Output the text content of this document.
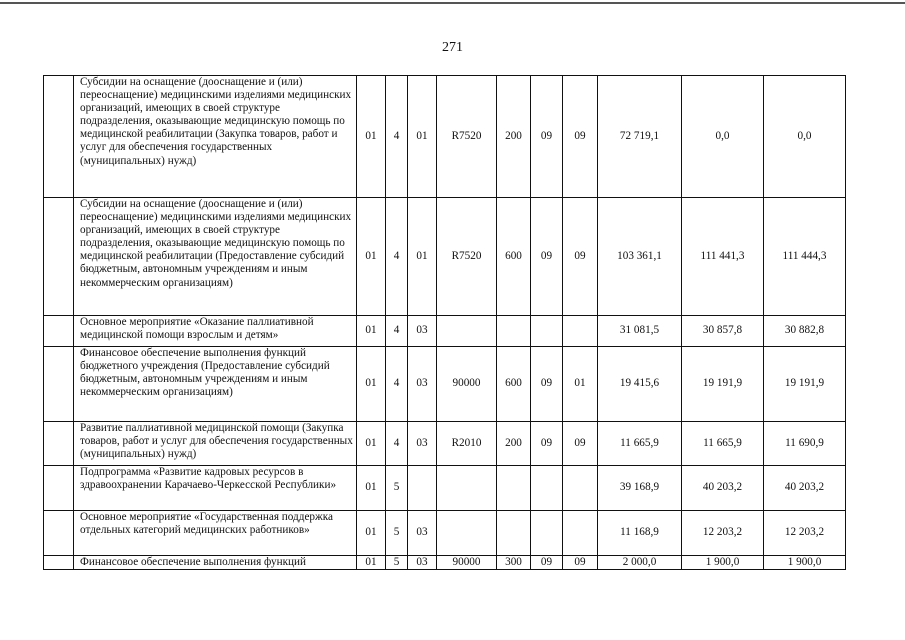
271
	Субсидии на оснащение (дооснащение и (или) переоснащение) медицинскими изделиями медицинских организаций, имеющих в своей структуре подразделения, оказывающие медицинскую помощь по медицинской реабилитации (Закупка товаров, работ и услуг для обеспечения государственных (муниципальных) нужд)	01	4	01	R7520	200	09	09	72 719,1	0,0	0,0
	Субсидии на оснащение (дооснащение и (или) переоснащение) медицинскими изделиями медицинских организаций, имеющих в своей структуре подразделения, оказывающие медицинскую помощь по медицинской реабилитации (Предоставление субсидий бюджетным, автономным учреждениям и иным некоммерческим организациям)	01	4	01	R7520	600	09	09	103 361,1	111 441,3	111 444,3
	Основное мероприятие «Оказание паллиативной медицинской помощи взрослым и детям»	01	4	03					31 081,5	30 857,8	30 882,8
	Финансовое обеспечение выполнения функций бюджетного учреждения (Предоставление субсидий бюджетным, автономным учреждениям и иным некоммерческим организациям)	01	4	03	90000	600	09	01	19 415,6	19 191,9	19 191,9
	Развитие паллиативной медицинской помощи (Закупка товаров, работ и услуг для обеспечения государственных (муниципальных) нужд)	01	4	03	R2010	200	09	09	11 665,9	11 665,9	11 690,9
	Подпрограмма «Развитие кадровых ресурсов в здравоохранении Карачаево-Черкесской Республики»	01	5						39 168,9	40 203,2	40 203,2
	Основное мероприятие «Государственная поддержка отдельных категорий медицинских работников»	01	5	03					11 168,9	12 203,2	12 203,2
	Финансовое обеспечение выполнения функций	01	5	03	90000	300	09	09	2 000,0	1 900,0	1 900,0
